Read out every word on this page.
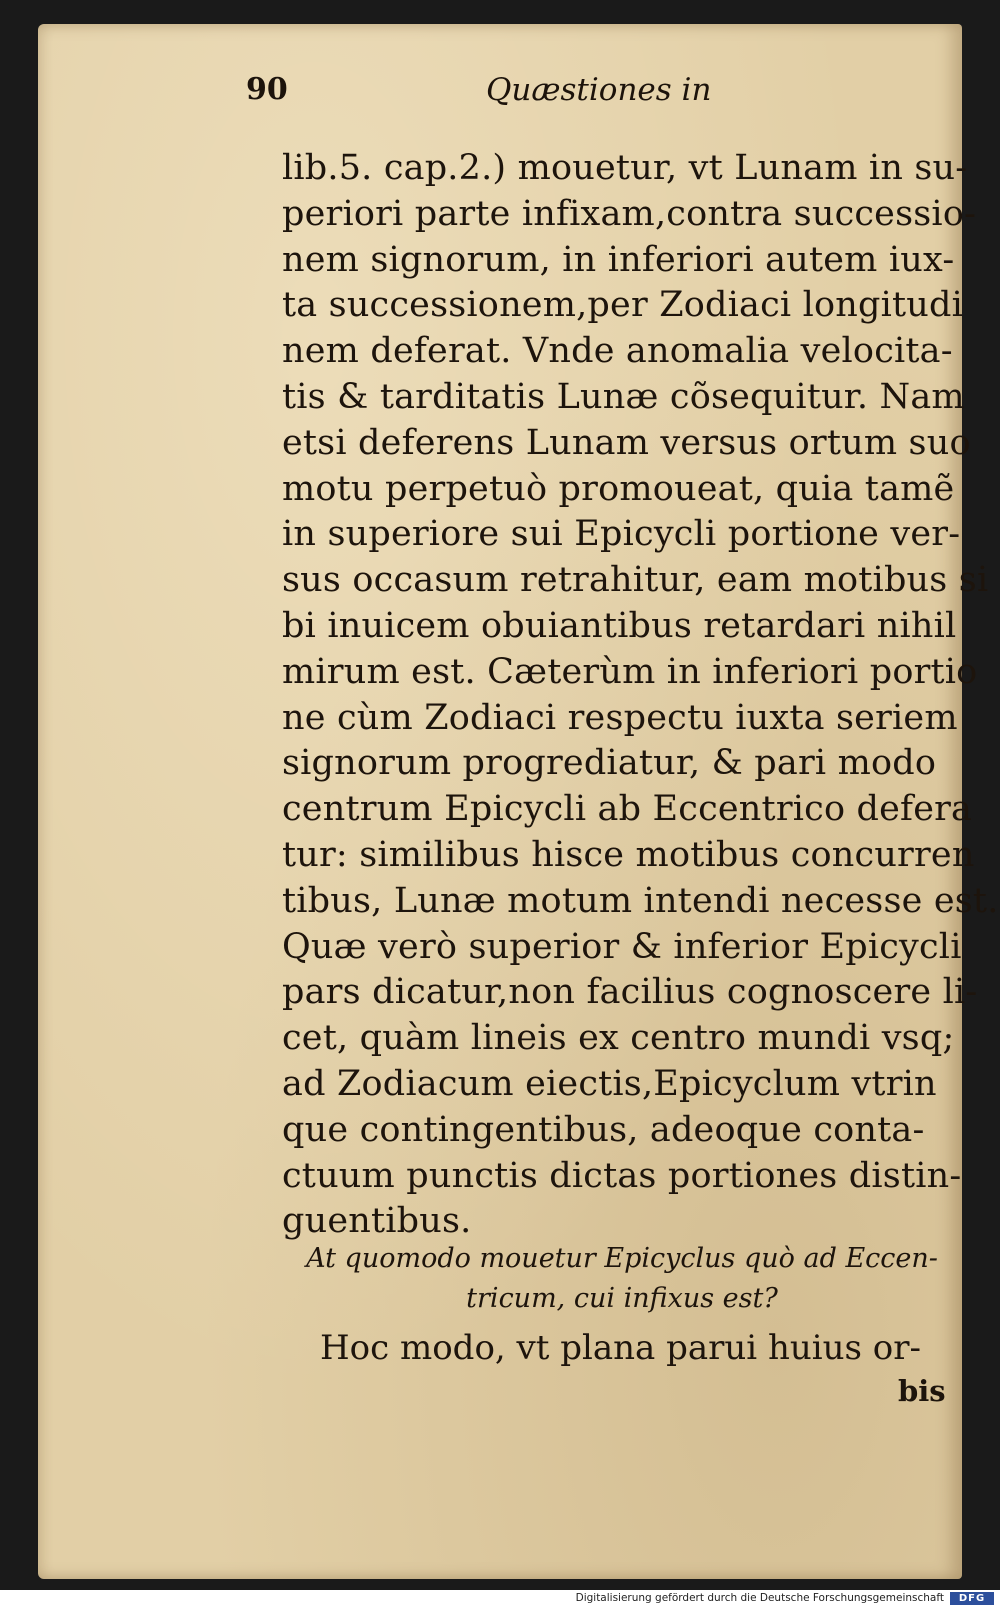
90	Quæstiones in
lib.5. cap.2.) mouetur, vt Lunam in su-
periori parte infixam,contra successio-
nem signorum, in inferiori autem iux-
ta successionem,per Zodiaci longitudi
nem deferat. Vnde anomalia velocita-
tis & tarditatis Lunæ cõsequitur. Nam
etsi deferens Lunam versus ortum suo
motu perpetuò promoueat, quia tamẽ
in superiore sui Epicycli portione ver-
sus occasum retrahitur, eam motibus si
bi inuicem obuiantibus retardari nihil
mirum est. Cæterùm in inferiori portio
ne cùm Zodiaci respectu iuxta seriem
signorum progrediatur, & pari modo
centrum Epicycli ab Eccentrico defera
tur: similibus hisce motibus concurren
tibus, Lunæ motum intendi necesse est.
Quæ verò superior & inferior Epicycli
pars dicatur,non facilius cognoscere li-
cet, quàm lineis ex centro mundi vsq;
ad Zodiacum eiectis,Epicyclum vtrin
que contingentibus, adeoque conta-
ctuum punctis dictas portiones distin-
guentibus.
At quomodo mouetur Epicyclus quò ad Eccen-
tricum, cui infixus est?
Hoc modo, vt plana parui huius or-
bis
Digitalisierung gefördert durch die Deutsche Forschungsgemeinschaft	DFG
